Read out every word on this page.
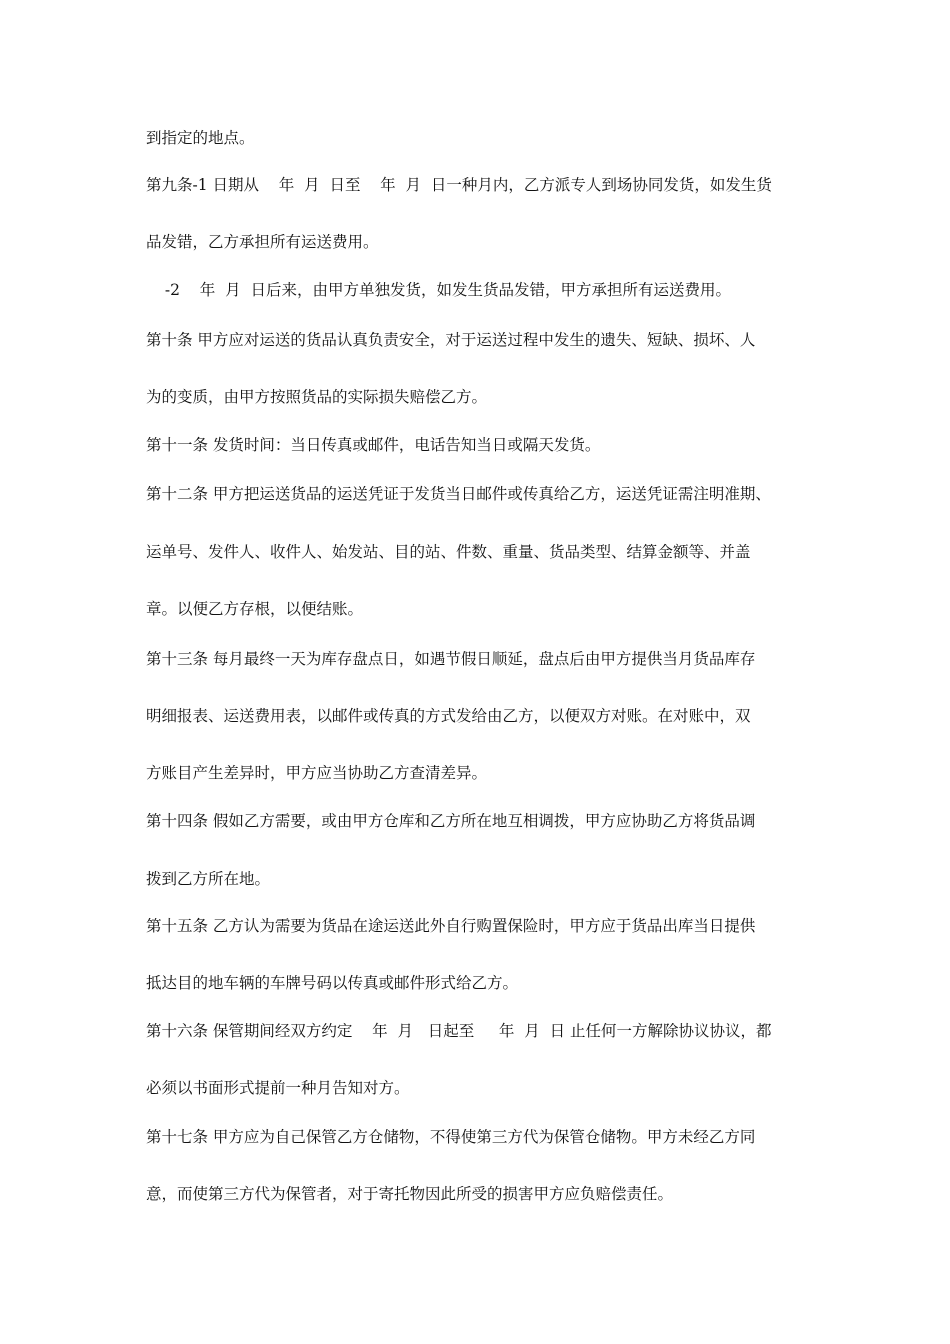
到指定的地点。
第九条-1 日期从    年  月  日至    年  月  日一种月内，乙方派专人到场协同发货，如发生货
品发错，乙方承担所有运送费用。
-2    年  月  日后来，由甲方单独发货，如发生货品发错，甲方承担所有运送费用。
第十条 甲方应对运送的货品认真负责安全，对于运送过程中发生的遗失、短缺、损坏、人
为的变质，由甲方按照货品的实际损失赔偿乙方。
第十一条 发货时间：当日传真或邮件，电话告知当日或隔天发货。
第十二条 甲方把运送货品的运送凭证于发货当日邮件或传真给乙方，运送凭证需注明准期、
运单号、发件人、收件人、始发站、目的站、件数、重量、货品类型、结算金额等、并盖
章。以便乙方存根，以便结账。
第十三条 每月最终一天为库存盘点日，如遇节假日顺延，盘点后由甲方提供当月货品库存
明细报表、运送费用表，以邮件或传真的方式发给由乙方，以便双方对账。在对账中，双
方账目产生差异时，甲方应当协助乙方查清差异。
第十四条 假如乙方需要，或由甲方仓库和乙方所在地互相调拨，甲方应协助乙方将货品调
拨到乙方所在地。
第十五条 乙方认为需要为货品在途运送此外自行购置保险时，甲方应于货品出库当日提供
抵达目的地车辆的车牌号码以传真或邮件形式给乙方。
第十六条 保管期间经双方约定    年  月   日起至     年  月  日 止任何一方解除协议协议，都
必须以书面形式提前一种月告知对方。
第十七条 甲方应为自己保管乙方仓储物，不得使第三方代为保管仓储物。甲方未经乙方同
意，而使第三方代为保管者，对于寄托物因此所受的损害甲方应负赔偿责任。
